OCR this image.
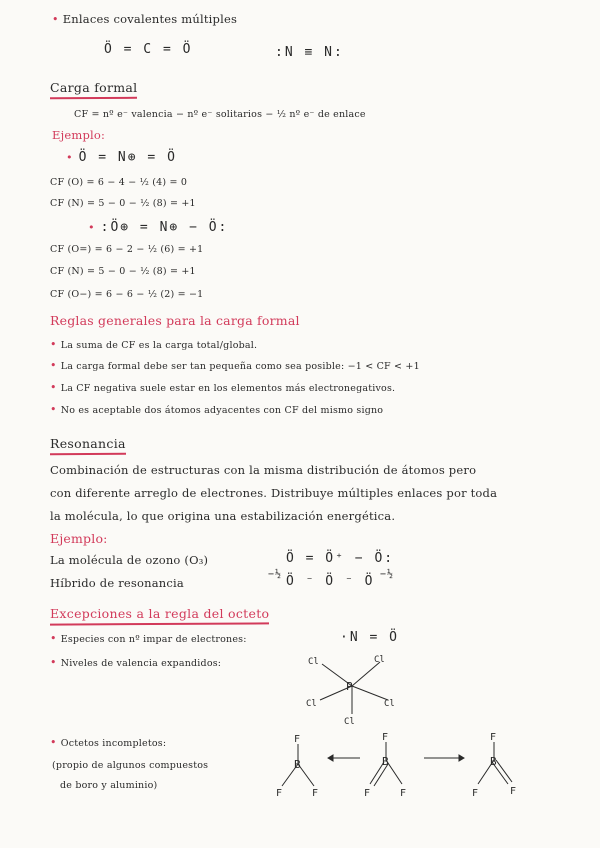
• Enlaces covalentes múltiples
Ö = C = Ö	:N ≡ N:
Carga formal
CF = nº e⁻ valencia − nº e⁻ solitarios − ½ nº e⁻ de enlace
Ejemplo:
• Ö = N⊕ = Ö
CF (O) = 6 − 4 − ½ (4) = 0
CF (N) = 5 − 0 − ½ (8) = +1
• :Ö⊕ = N⊕ − Ö:
CF (O=) = 6 − 2 − ½ (6) = +1
CF (N) = 5 − 0 − ½ (8) = +1
CF (O−) = 6 − 6 − ½ (2) = −1
Reglas generales para la carga formal
• La suma de CF es la carga total/global.
• La carga formal debe ser tan pequeña como sea posible: −1 < CF < +1
• La CF negativa suele estar en los elementos más electronegativos.
• No es aceptable dos átomos adyacentes con CF del mismo signo
Resonancia
Combinación de estructuras con la misma distribución de átomos pero
con diferente arreglo de electrones. Distribuye múltiples enlaces por toda
la molécula, lo que origina una estabilización energética.
Ejemplo:
La molécula de ozono (O₃)	Ö = Ö⁺ − Ö:
Híbrido de resonancia
−½ Ö ⁻ Ö ⁻ Ö −½
Excepciones a la regla del octeto
• Especies con nº impar de electrones:	·N = Ö
• Niveles de valencia expandidos:
P
Cl	Cl
Cl	Cl
Cl
• Octetos incompletos:
(propio de algunos compuestos
de boro y aluminio)
B	B	B
F
F	F
F
F	F
F
F	F
